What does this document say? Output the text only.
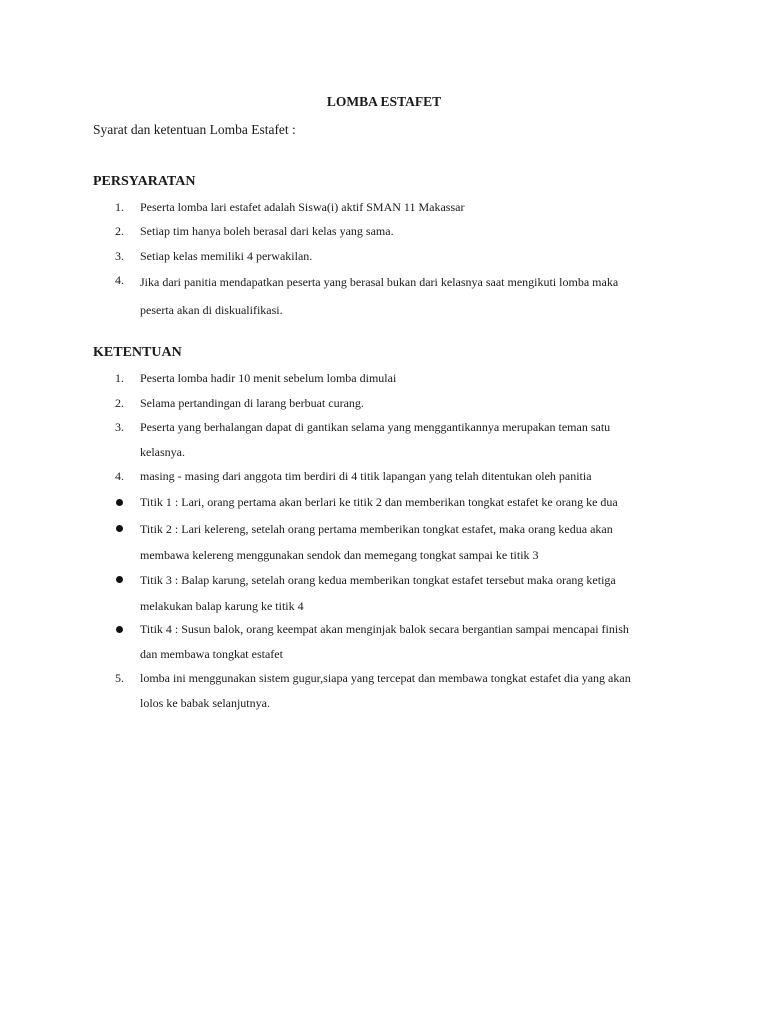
LOMBA ESTAFET
Syarat dan ketentuan Lomba Estafet :
PERSYARATAN
1.	Peserta lomba lari estafet adalah Siswa(i) aktif SMAN 11 Makassar
2.	Setiap tim hanya boleh berasal dari kelas yang sama.
3.	Setiap kelas memiliki 4 perwakilan.
4.	Jika dari panitia mendapatkan peserta yang berasal bukan dari kelasnya saat mengikuti lomba maka
peserta akan di diskualifikasi.
KETENTUAN
1.	Peserta lomba hadir 10 menit sebelum lomba dimulai
2.	Selama pertandingan di larang berbuat curang.
3.	Peserta yang berhalangan dapat di gantikan selama yang menggantikannya merupakan teman satu
kelasnya.
4.	masing - masing dari anggota tim berdiri di 4 titik lapangan yang telah ditentukan oleh panitia
Titik 1 : Lari, orang pertama akan berlari ke titik 2 dan memberikan tongkat estafet ke orang ke dua
Titik 2 : Lari kelereng, setelah orang pertama memberikan tongkat estafet, maka orang kedua akan
membawa kelereng menggunakan sendok dan memegang tongkat sampai ke titik 3
Titik 3 : Balap karung, setelah orang kedua memberikan tongkat estafet tersebut maka orang ketiga
melakukan balap karung ke titik 4
Titik 4 : Susun balok, orang keempat akan menginjak balok secara bergantian sampai mencapai finish
dan membawa tongkat estafet
5.	lomba ini menggunakan sistem gugur,siapa yang tercepat dan membawa tongkat estafet dia yang akan
lolos ke babak selanjutnya.
